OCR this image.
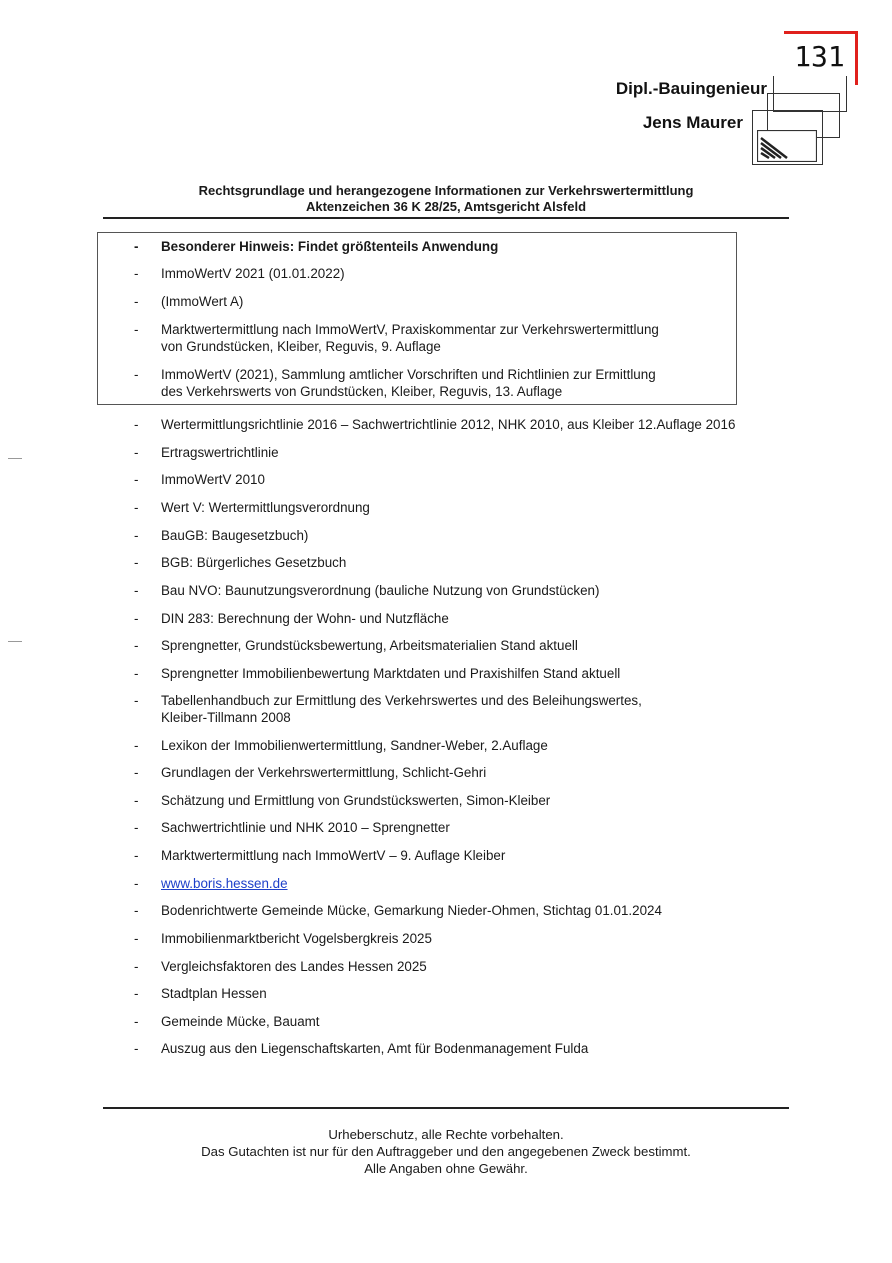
131
Dipl.-Bauingenieur
Jens Maurer
Rechtsgrundlage und herangezogene Informationen zur Verkehrswertermittlung
Aktenzeichen 36 K 28/25, Amtsgericht Alsfeld
-	Besonderer Hinweis: Findet größtenteils Anwendung
-	ImmoWertV 2021 (01.01.2022)
-	(ImmoWert A)
-	Marktwertermittlung nach ImmoWertV, Praxiskommentar zur Verkehrswertermittlung
von Grundstücken, Kleiber, Reguvis, 9. Auflage
-	ImmoWertV (2021), Sammlung amtlicher Vorschriften und Richtlinien zur Ermittlung
des Verkehrswerts von Grundstücken, Kleiber, Reguvis, 13. Auflage
-	Wertermittlungsrichtlinie 2016 – Sachwertrichtlinie 2012, NHK 2010, aus Kleiber 12.Auflage 2016
-	Ertragswertrichtlinie
-	ImmoWertV 2010
-	Wert V: Wertermittlungsverordnung
-	BauGB: Baugesetzbuch)
-	BGB: Bürgerliches Gesetzbuch
-	Bau NVO: Baunutzungsverordnung (bauliche Nutzung von Grundstücken)
-	DIN 283: Berechnung der Wohn- und Nutzfläche
-	Sprengnetter, Grundstücksbewertung, Arbeitsmaterialien Stand aktuell
-	Sprengnetter Immobilienbewertung Marktdaten und Praxishilfen Stand aktuell
-	Tabellenhandbuch zur Ermittlung des Verkehrswertes und des Beleihungswertes,
Kleiber-Tillmann 2008
-	Lexikon der Immobilienwertermittlung, Sandner-Weber, 2.Auflage
-	Grundlagen der Verkehrswertermittlung, Schlicht-Gehri
-	Schätzung und Ermittlung von Grundstückswerten, Simon-Kleiber
-	Sachwertrichtlinie und NHK 2010 – Sprengnetter
-	Marktwertermittlung nach ImmoWertV – 9. Auflage Kleiber
-	www.boris.hessen.de
-	Bodenrichtwerte Gemeinde Mücke, Gemarkung Nieder-Ohmen, Stichtag 01.01.2024
-	Immobilienmarktbericht Vogelsbergkreis 2025
-	Vergleichsfaktoren des Landes Hessen 2025
-	Stadtplan Hessen
-	Gemeinde Mücke, Bauamt
-	Auszug aus den Liegenschaftskarten, Amt für Bodenmanagement Fulda
Urheberschutz, alle Rechte vorbehalten.
Das Gutachten ist nur für den Auftraggeber und den angegebenen Zweck bestimmt.
Alle Angaben ohne Gewähr.
